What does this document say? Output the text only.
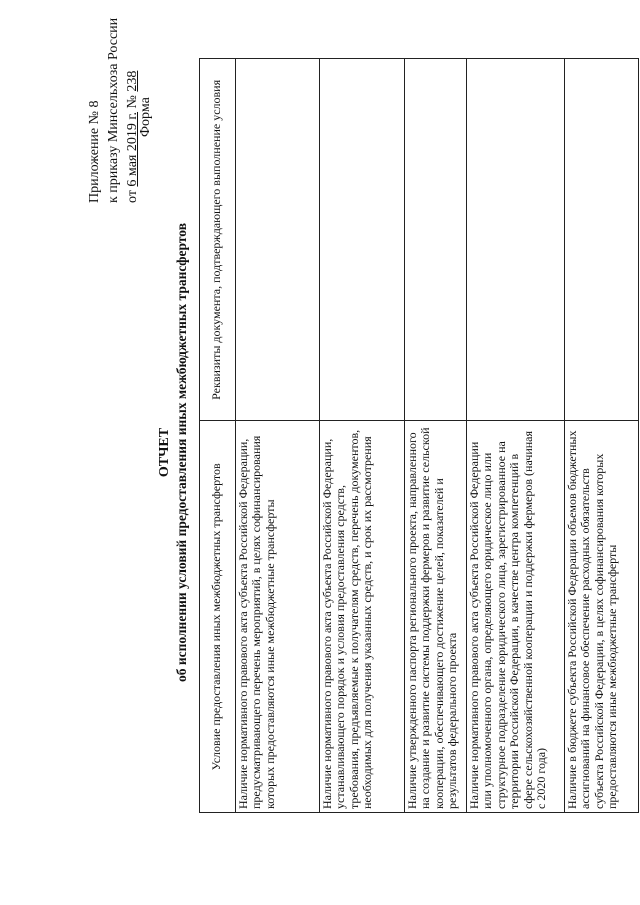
Приложение № 8 к приказу Минсельхоза России от 6 мая 2019 г. № 238
Форма
ОТЧЕТ об исполнении условий предоставления иных межбюджетных трансфертов Условие предоставления иных межбюджетных трансфертов	Реквизиты документа, подтверждающего выполнение условия
Наличие нормативного правового акта субъекта Российской Федерации, предусматривающего перечень мероприятий, в целях софинансирования которых предоставляются иные межбюджетные трансферты	
Наличие нормативного правового акта субъекта Российской Федерации, устанавливающего порядок и условия предоставления средств, требования, предъявляемые к получателям средств, перечень документов, необходимых для получения указанных средств, и срок их рассмотрения	
Наличие утвержденного паспорта регионального проекта, направленного на создание и развитие системы поддержки фермеров и развитие сельской кооперации, обеспечивающего достижение целей, показателей и результатов федерального проекта	
Наличие нормативного правового акта субъекта Российской Федерации или уполномоченного органа, определяющего юридическое лицо или структурное подразделение юридического лица, зарегистрированное на территории Российской Федерации, в качестве центра компетенций в сфере сельскохозяйственной кооперации и поддержки фермеров (начиная с 2020 года)	
Наличие в бюджете субъекта Российской Федерации объемов бюджетных ассигнований на финансовое обеспечение расходных обязательств субъекта Российской Федерации, в целях софинансирования которых предоставляются иные межбюджетные трансферты	
